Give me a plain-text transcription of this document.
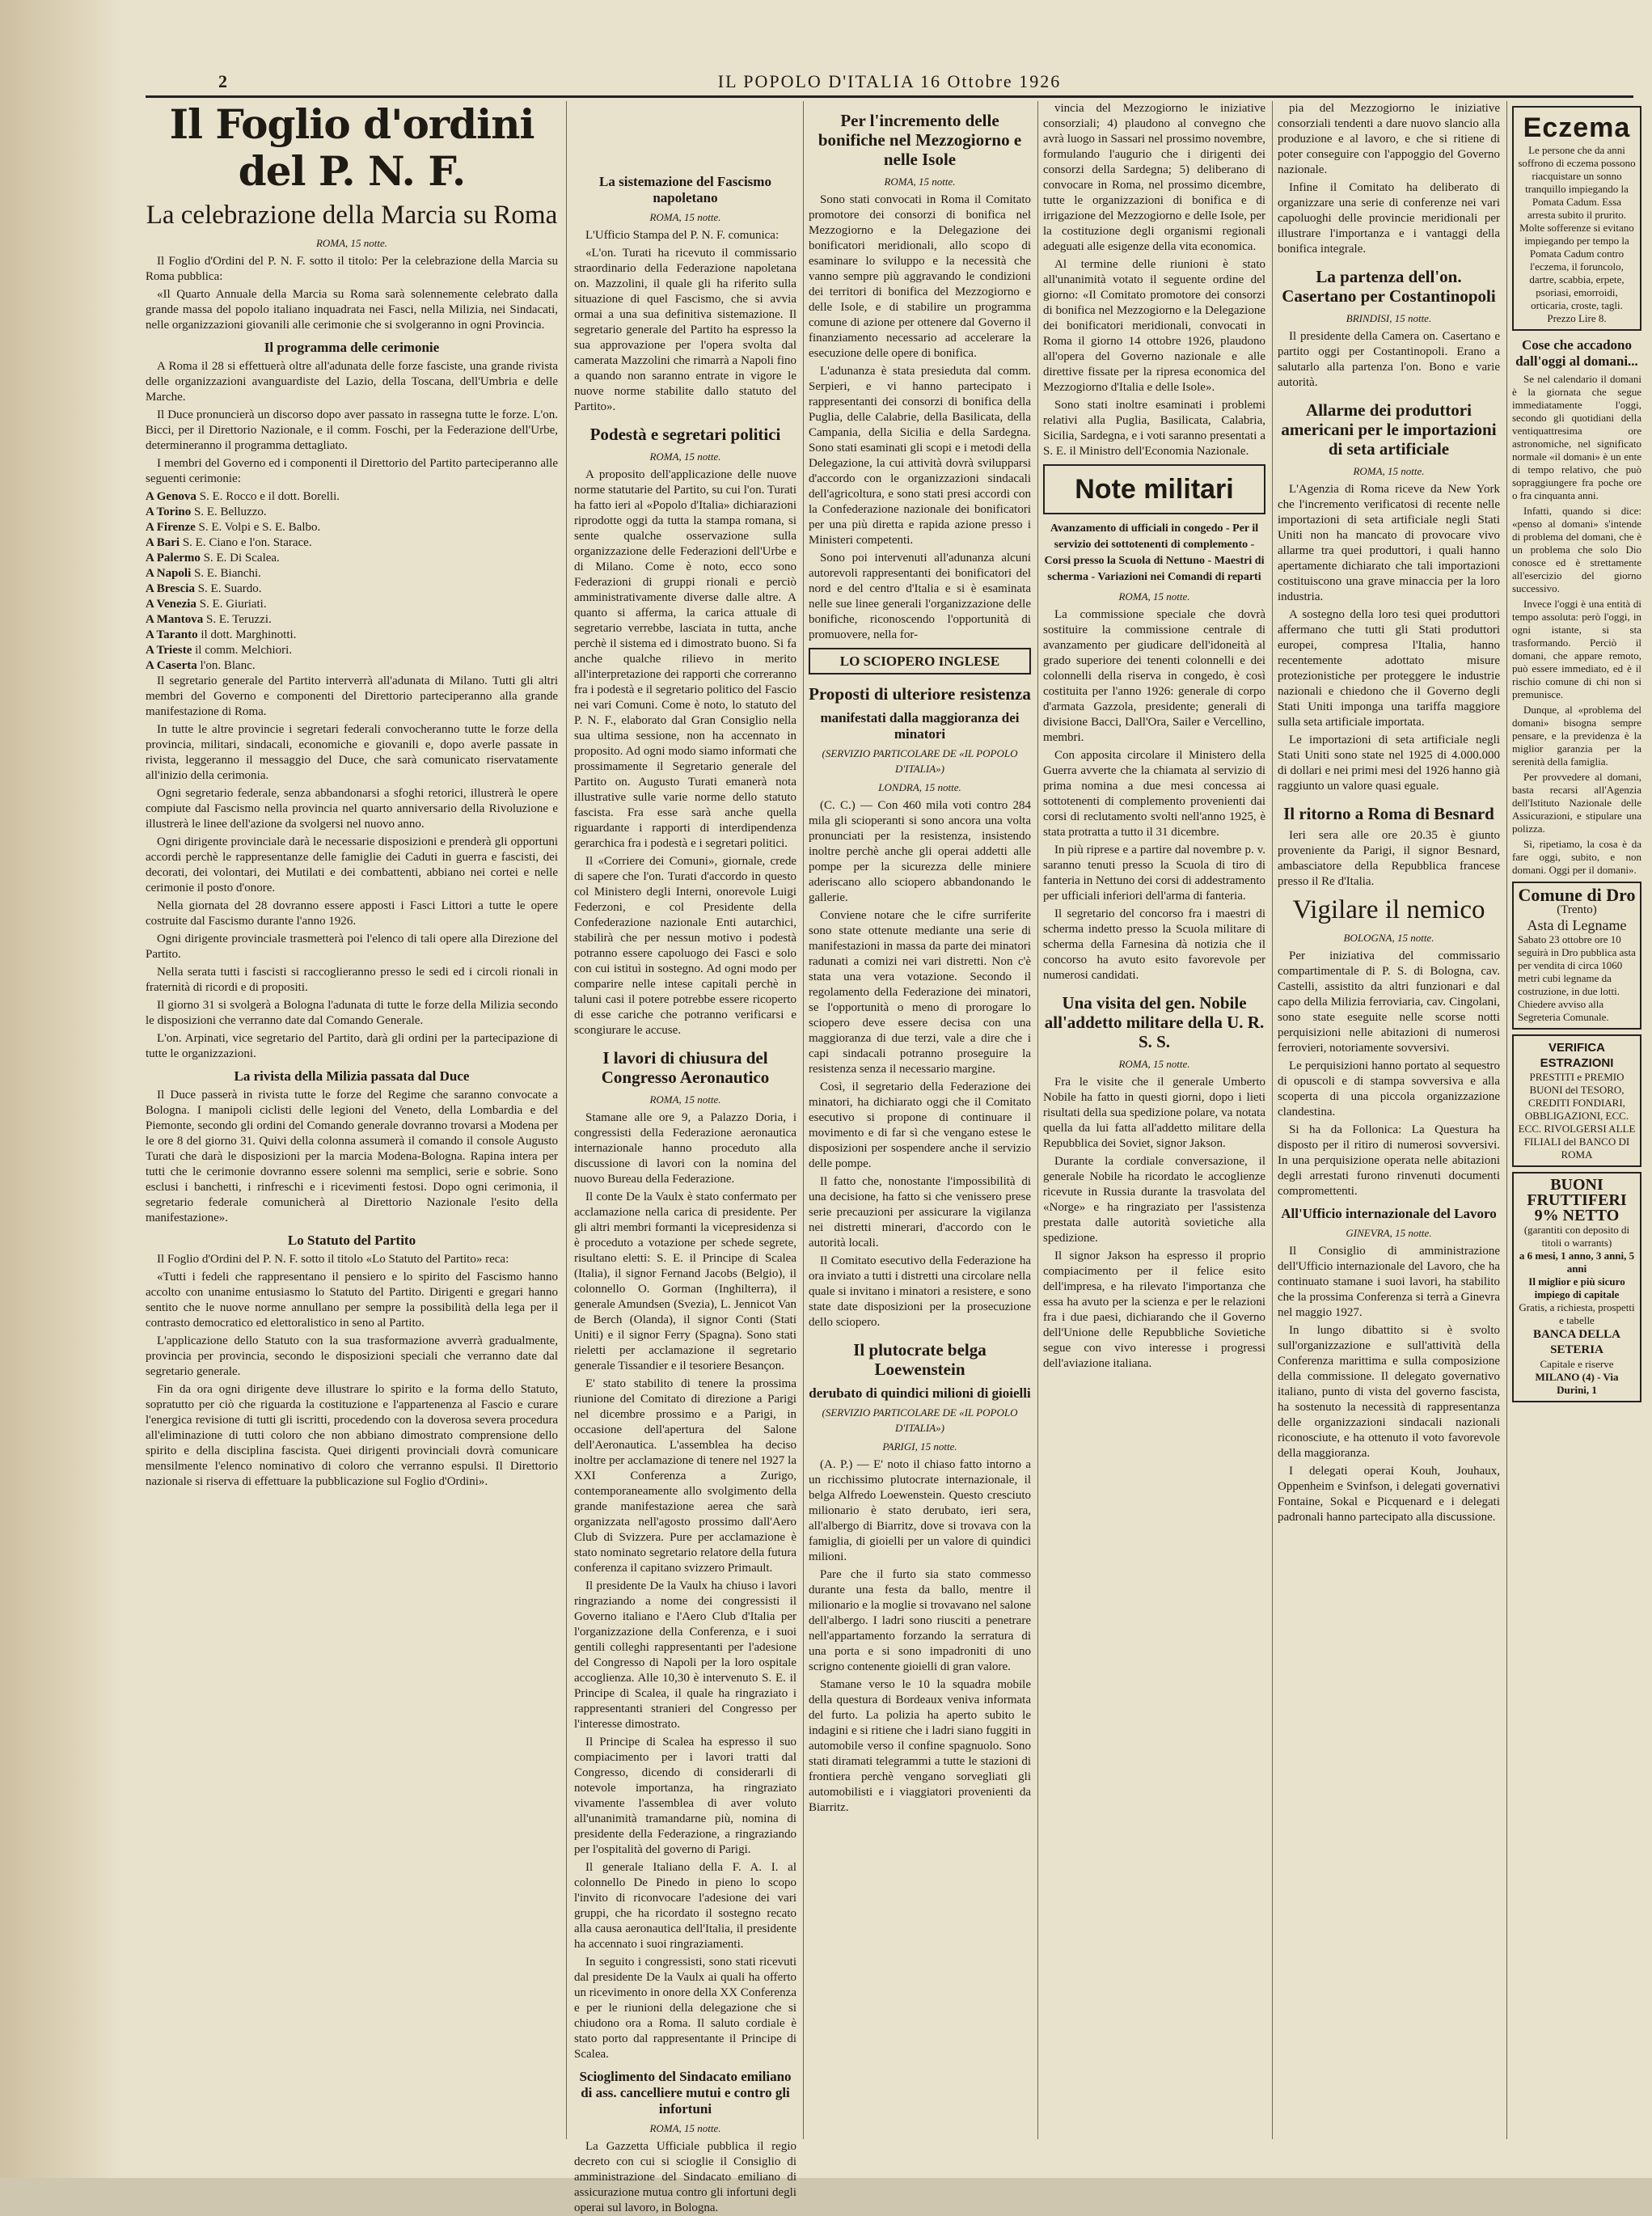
2	IL POPOLO D'ITALIA 16 Ottobre 1926
Il Foglio d'ordini del P. N. F.
La celebrazione della Marcia su Roma
ROMA, 15 notte.

Il Foglio d'Ordini del P. N. F. sotto il titolo: Per la celebrazione della Marcia su Roma pubblica:

«Il Quarto Annuale della Marcia su Roma sarà solennemente celebrato dalla grande massa del popolo italiano inquadrata nei Fasci, nella Milizia, nei Sindacati, nelle organizzazioni giovanili alle cerimonie che si svolgeranno in ogni Provincia.

Il programma delle cerimonie

A Roma il 28 si effettuerà oltre all'adunata delle forze fasciste, una grande rivista delle organizzazioni avanguardiste del Lazio, della Toscana, dell'Umbria e delle Marche.

Il Duce pronuncierà un discorso dopo aver passato in rassegna tutte le forze. L'on. Bicci, per il Direttorio Nazionale, e il comm. Foschi, per la Federazione dell'Urbe, determineranno il programma dettagliato.

I membri del Governo ed i componenti il Direttorio del Partito parteciperanno alle seguenti cerimonie:

A Genova S. E. Rocco e il dott. Borelli.
A Torino S. E. Belluzzo.
A Firenze S. E. Volpi e S. E. Balbo.
A Bari S. E. Ciano e l'on. Starace.
A Palermo S. E. Di Scalea.
A Napoli S. E. Bianchi.
A Brescia S. E. Suardo.
A Venezia S. E. Giuriati.
A Mantova S. E. Teruzzi.
A Taranto il dott. Marghinotti.
A Trieste il comm. Melchiori.
A Caserta l'on. Blanc.

Il segretario generale del Partito interverrà all'adunata di Milano. Tutti gli altri membri del Governo e componenti del Direttorio parteciperanno alla grande manifestazione di Roma.

In tutte le altre provincie i segretari federali convocheranno tutte le forze della provincia, militari, sindacali, economiche e giovanili e, dopo averle passate in rivista, leggeranno il messaggio del Duce, che sarà comunicato riservatamente all'inizio della cerimonia.

Ogni segretario federale, senza abbandonarsi a sfoghi retorici, illustrerà le opere compiute dal Fascismo nella provincia nel quarto anniversario della Rivoluzione e illustrerà le linee dell'azione da svolgersi nel nuovo anno.

Ogni dirigente provinciale darà le necessarie disposizioni e prenderà gli opportuni accordi perchè le rappresentanze delle famiglie dei Caduti in guerra e fascisti, dei decorati, dei volontari, dei Mutilati e dei combattenti, abbiano nei cortei e nelle cerimonie il posto d'onore.

Nella giornata del 28 dovranno essere apposti i Fasci Littori a tutte le opere costruite dal Fascismo durante l'anno 1926.

Ogni dirigente provinciale trasmetterà poi l'elenco di tali opere alla Direzione del Partito.

Nella serata tutti i fascisti si raccoglieranno presso le sedi ed i circoli rionali in fraternità di ricordi e di propositi.

Il giorno 31 si svolgerà a Bologna l'adunata di tutte le forze della Milizia secondo le disposizioni che verranno date dal Comando Generale.

L'on. Arpinati, vice segretario del Partito, darà gli ordini per la partecipazione di tutte le organizzazioni.

La rivista della Milizia passata dal Duce

Il Duce passerà in rivista tutte le forze del Regime che saranno convocate a Bologna. I manipoli ciclisti delle legioni del Veneto, della Lombardia e del Piemonte, secondo gli ordini del Comando generale dovranno trovarsi a Modena per le ore 8 del giorno 31. Quivi della colonna assumerà il comando il console Augusto Turati che darà le disposizioni per la marcia Modena-Bologna. Rapina intera per tutti che le cerimonie dovranno essere solenni ma semplici, serie e sobrie. Sono esclusi i banchetti, i rinfreschi e i ricevimenti festosi. Dopo ogni cerimonia, il segretario federale comunicherà al Direttorio Nazionale l'esito della manifestazione».

Lo Statuto del Partito

Il Foglio d'Ordini del P. N. F. sotto il titolo «Lo Statuto del Partito» reca:

«Tutti i fedeli che rappresentano il pensiero e lo spirito del Fascismo hanno accolto con unanime entusiasmo lo Statuto del Partito. Dirigenti e gregari hanno sentito che le nuove norme annullano per sempre la possibilità della lega per il contrasto democratico ed elettoralistico in seno al Partito.

L'applicazione dello Statuto con la sua trasformazione avverrà gradualmente, provincia per provincia, secondo le disposizioni speciali che verranno date dal segretario generale.

Fin da ora ogni dirigente deve illustrare lo spirito e la forma dello Statuto, sopratutto per ciò che riguarda la costituzione e l'appartenenza al Fascio e curare l'energica revisione di tutti gli iscritti, procedendo con la doverosa severa procedura all'eliminazione di tutti coloro che non abbiano dimostrato comprensione dello spirito e della disciplina fascista. Quei dirigenti provinciali dovrà comunicare mensilmente l'elenco nominativo di coloro che verranno espulsi. Il Direttorio nazionale si riserva di effettuare la pubblicazione sul Foglio d'Ordini».

La sistemazione del Fascismo napoletano
ROMA, 15 notte.

L'Ufficio Stampa del P. N. F. comunica:

«L'on. Turati ha ricevuto il commissario straordinario della Federazione napoletana on. Mazzolini, il quale gli ha riferito sulla situazione di quel Fascismo, che si avvia ormai a una sua definitiva sistemazione. Il segretario generale del Partito ha espresso la sua approvazione per l'opera svolta dal camerata Mazzolini che rimarrà a Napoli fino a quando non saranno entrate in vigore le nuove norme stabilite dallo statuto del Partito».

Podestà e segretari politici
ROMA, 15 notte.

A proposito dell'applicazione delle nuove norme statutarie del Partito, su cui l'on. Turati ha fatto ieri al «Popolo d'Italia» dichiarazioni riprodotte oggi da tutta la stampa romana, si sente qualche osservazione sulla organizzazione delle Federazioni dell'Urbe e di Milano. Come è noto, ecco sono Federazioni di gruppi rionali e perciò amministrativamente diverse dalle altre. A quanto si afferma, la carica attuale di segretario verrebbe, lasciata in tutta, anche perchè il sistema ed i dimostrato buono. Si fa anche qualche rilievo in merito all'interpretazione dei rapporti che correranno fra i podestà e il segretario politico del Fascio nei vari Comuni. Come è noto, lo statuto del P. N. F., elaborato dal Gran Consiglio nella sua ultima sessione, non ha accennato in proposito. Ad ogni modo siamo informati che prossimamente il Segretario generale del Partito on. Augusto Turati emanerà nota illustrative sulle varie norme dello statuto fascista. Fra esse sarà anche quella riguardante i rapporti di interdipendenza gerarchica fra i podestà e i segretari politici.

Il «Corriere dei Comuni», giornale, crede di sapere che l'on. Turati d'accordo in questo col Ministero degli Interni, onorevole Luigi Federzoni, e col Presidente della Confederazione nazionale Enti autarchici, stabilirà che per nessun motivo i podestà potranno essere capoluogo dei Fasci e solo con cui istituì in sostegno. Ad ogni modo per comparire nelle intese capitali perchè in taluni casi il potere potrebbe essere ricoperto di esse cariche che potranno verificarsi e scongiurare le accuse.

I lavori di chiusura del Congresso Aeronautico
ROMA, 15 notte.

Stamane alle ore 9, a Palazzo Doria, i congressisti della Federazione aeronautica internazionale hanno proceduto alla discussione di lavori con la nomina del nuovo Bureau della Federazione.

Il conte De la Vaulx è stato confermato per acclamazione nella carica di presidente. Per gli altri membri formanti la vicepresidenza si è proceduto a votazione per schede segrete, risultano eletti: S. E. il Principe di Scalea (Italia), il signor Fernand Jacobs (Belgio), il colonnello O. Gorman (Inghilterra), il generale Amundsen (Svezia), L. Jennicot Van de Berch (Olanda), il signor Conti (Stati Uniti) e il signor Ferry (Spagna). Sono stati rieletti per acclamazione il segretario generale Tissandier e il tesoriere Besançon.

E' stato stabilito di tenere la prossima riunione del Comitato di direzione a Parigi nel dicembre prossimo e a Parigi, in occasione dell'apertura del Salone dell'Aeronautica. L'assemblea ha deciso inoltre per acclamazione di tenere nel 1927 la XXI Conferenza a Zurigo, contemporaneamente allo svolgimento della grande manifestazione aerea che sarà organizzata nell'agosto prossimo dall'Aero Club di Svizzera. Pure per acclamazione è stato nominato segretario relatore della futura conferenza il capitano svizzero Primault.

Il presidente De la Vaulx ha chiuso i lavori ringraziando a nome dei congressisti il Governo italiano e l'Aero Club d'Italia per l'organizzazione della Conferenza, e i suoi gentili colleghi rappresentanti per l'adesione del Congresso di Napoli per la loro ospitale accoglienza. Alle 10,30 è intervenuto S. E. il Principe di Scalea, il quale ha ringraziato i rappresentanti stranieri del Congresso per l'interesse dimostrato.

Il Principe di Scalea ha espresso il suo compiacimento per i lavori tratti dal Congresso, dicendo di considerarli di notevole importanza, ha ringraziato vivamente l'assemblea di aver voluto all'unanimità tramandarne più, nomina di presidente della Federazione, a ringraziando per l'ospitalità del governo di Parigi.

Il generale Italiano della F. A. I. al colonnello De Pinedo in pieno lo scopo l'invito di riconvocare l'adesione dei vari gruppi, che ha ricordato il sostegno recato alla causa aeronautica dell'Italia, il presidente ha accennato i suoi ringraziamenti.

In seguito i congressisti, sono stati ricevuti dal presidente De la Vaulx ai quali ha offerto un ricevimento in onore della XX Conferenza e per le riunioni della delegazione che si chiudono ora a Roma. Il saluto cordiale è stato porto dal rappresentante il Principe di Scalea.

Scioglimento del Sindacato emiliano di ass. cancelliere mutui e contro gli infortuni
ROMA, 15 notte.

La Gazzetta Ufficiale pubblica il regio decreto con cui si scioglie il Consiglio di amministrazione del Sindacato emiliano di assicurazione mutua contro gli infortuni degli operai sul lavoro, in Bologna.

Per l'incremento delle bonifiche nel Mezzogiorno e nelle Isole
ROMA, 15 notte.

Sono stati convocati in Roma il Comitato promotore dei consorzi di bonifica nel Mezzogiorno e la Delegazione dei bonificatori meridionali, allo scopo di esaminare lo sviluppo e la necessità che vanno sempre più aggravando le condizioni dei territori di bonifica del Mezzogiorno e delle Isole, e di stabilire un programma comune di azione per ottenere dal Governo il finanziamento necessario ad accelerare la esecuzione delle opere di bonifica.

L'adunanza è stata presieduta dal comm. Serpieri, e vi hanno partecipato i rappresentanti dei consorzi di bonifica della Puglia, delle Calabrie, della Basilicata, della Campania, della Sicilia e della Sardegna. Sono stati esaminati gli scopi e i metodi della Delegazione, la cui attività dovrà svilupparsi d'accordo con le organizzazioni sindacali dell'agricoltura, e sono stati presi accordi con la Confederazione nazionale dei bonificatori per una più diretta e rapida azione presso i Ministeri competenti.

Sono poi intervenuti all'adunanza alcuni autorevoli rappresentanti dei bonificatori del nord e del centro d'Italia e si è esaminata nelle sue linee generali l'organizzazione delle bonifiche, riconoscendo l'opportunità di promuovere, nella for-

LO SCIOPERO INGLESE
Proposti di ulteriore resistenza
manifestati dalla maggioranza dei minatori
(SERVIZIO PARTICOLARE DE «IL POPOLO D'ITALIA»)
LONDRA, 15 notte.

(C. C.) — Con 460 mila voti contro 284 mila gli scioperanti si sono ancora una volta pronunciati per la resistenza, insistendo inoltre perchè anche gli operai addetti alle pompe per la sicurezza delle miniere aderiscano allo sciopero abbandonando le gallerie.

Conviene notare che le cifre surriferite sono state ottenute mediante una serie di manifestazioni in massa da parte dei minatori radunati a comizi nei vari distretti. Non c'è stata una vera votazione. Secondo il regolamento della Federazione dei minatori, se l'opportunità o meno di prorogare lo sciopero deve essere decisa con una maggioranza di due terzi, vale a dire che i capi sindacali potranno proseguire la resistenza senza il necessario margine.

Così, il segretario della Federazione dei minatori, ha dichiarato oggi che il Comitato esecutivo si propone di continuare il movimento e di far sì che vengano estese le disposizioni per sospendere anche il servizio delle pompe.

Il fatto che, nonostante l'impossibilità di una decisione, ha fatto si che venissero prese serie precauzioni per assicurare la vigilanza nei distretti minerari, d'accordo con le autorità locali.

Il Comitato esecutivo della Federazione ha ora inviato a tutti i distretti una circolare nella quale si invitano i minatori a resistere, e sono state date disposizioni per la prosecuzione dello sciopero.

Il plutocrate belga Loewenstein
derubato di quindici milioni di gioielli
(SERVIZIO PARTICOLARE DE «IL POPOLO D'ITALIA»)
PARIGI, 15 notte.

(A. P.) — E' noto il chiaso fatto intorno a un ricchissimo plutocrate internazionale, il belga Alfredo Loewenstein. Questo cresciuto milionario è stato derubato, ieri sera, all'albergo di Biarritz, dove si trovava con la famiglia, di gioielli per un valore di quindici milioni.

Pare che il furto sia stato commesso durante una festa da ballo, mentre il milionario e la moglie si trovavano nel salone dell'albergo. I ladri sono riusciti a penetrare nell'appartamento forzando la serratura di una porta e si sono impadroniti di uno scrigno contenente gioielli di gran valore.

Stamane verso le 10 la squadra mobile della questura di Bordeaux veniva informata del furto. La polizia ha aperto subito le indagini e si ritiene che i ladri siano fuggiti in automobile verso il confine spagnuolo. Sono stati diramati telegrammi a tutte le stazioni di frontiera perchè vengano sorvegliati gli automobilisti e i viaggiatori provenienti da Biarritz.

vincia del Mezzogiorno le iniziative consorziali; 4) plaudono al convegno che avrà luogo in Sassari nel prossimo novembre, formulando l'augurio che i dirigenti dei consorzi della Sardegna; 5) deliberano di convocare in Roma, nel prossimo dicembre, tutte le organizzazioni di bonifica e di irrigazione del Mezzogiorno e delle Isole, per la costituzione degli organismi regionali adeguati alle esigenze della vita economica.

Al termine delle riunioni è stato all'unanimità votato il seguente ordine del giorno: «Il Comitato promotore dei consorzi di bonifica nel Mezzogiorno e la Delegazione dei bonificatori meridionali, convocati in Roma il giorno 14 ottobre 1926, plaudono all'opera del Governo nazionale e alle direttive fissate per la ripresa economica del Mezzogiorno d'Italia e delle Isole».

Sono stati inoltre esaminati i problemi relativi alla Puglia, Basilicata, Calabria, Sicilia, Sardegna, e i voti saranno presentati a S. E. il Ministro dell'Economia Nazionale.

Note militari
Avanzamento di ufficiali in congedo - Per il servizio dei sottotenenti di complemento - Corsi presso la Scuola di Nettuno - Maestri di scherma - Variazioni nei Comandi di reparti
ROMA, 15 notte.

La commissione speciale che dovrà sostituire la commissione centrale di avanzamento per giudicare dell'idoneità al grado superiore dei tenenti colonnelli e dei colonnelli della riserva in congedo, è così costituita per l'anno 1926: generale di corpo d'armata Gazzola, presidente; generali di divisione Bacci, Dall'Ora, Sailer e Vercellino, membri.

Con apposita circolare il Ministero della Guerra avverte che la chiamata al servizio di prima nomina a due mesi concessa ai sottotenenti di complemento provenienti dai corsi di reclutamento svolti nell'anno 1925, è stata protratta a tutto il 31 dicembre.

In più riprese e a partire dal novembre p. v. saranno tenuti presso la Scuola di tiro di fanteria in Nettuno dei corsi di addestramento per ufficiali inferiori dell'arma di fanteria.

Il segretario del concorso fra i maestri di scherma indetto presso la Scuola militare di scherma della Farnesina dà notizia che il concorso ha avuto esito favorevole per numerosi candidati.

Una visita del gen. Nobile all'addetto militare della U. R. S. S.
ROMA, 15 notte.

Fra le visite che il generale Umberto Nobile ha fatto in questi giorni, dopo i lieti risultati della sua spedizione polare, va notata quella da lui fatta all'addetto militare della Repubblica dei Soviet, signor Jakson.

Durante la cordiale conversazione, il generale Nobile ha ricordato le accoglienze ricevute in Russia durante la trasvolata del «Norge» e ha ringraziato per l'assistenza prestata dalle autorità sovietiche alla spedizione.

Il signor Jakson ha espresso il proprio compiacimento per il felice esito dell'impresa, e ha rilevato l'importanza che essa ha avuto per la scienza e per le relazioni fra i due paesi, dichiarando che il Governo dell'Unione delle Repubbliche Sovietiche segue con vivo interesse i progressi dell'aviazione italiana.

pia del Mezzogiorno le iniziative consorziali tendenti a dare nuovo slancio alla produzione e al lavoro, e che si ritiene di poter conseguire con l'appoggio del Governo nazionale.

Infine il Comitato ha deliberato di organizzare una serie di conferenze nei vari capoluoghi delle provincie meridionali per illustrare l'importanza e i vantaggi della bonifica integrale.

La partenza dell'on. Casertano per Costantinopoli
BRINDISI, 15 notte.

Il presidente della Camera on. Casertano e partito oggi per Costantinopoli. Erano a salutarlo alla partenza l'on. Bono e varie autorità.

Allarme dei produttori americani per le importazioni di seta artificiale
ROMA, 15 notte.

L'Agenzia di Roma riceve da New York che l'incremento verificatosi di recente nelle importazioni di seta artificiale negli Stati Uniti non ha mancato di provocare vivo allarme tra quei produttori, i quali hanno apertamente dichiarato che tali importazioni costituiscono una grave minaccia per la loro industria.

A sostegno della loro tesi quei produttori affermano che tutti gli Stati produttori europei, compresa l'Italia, hanno recentemente adottato misure protezionistiche per proteggere le industrie nazionali e chiedono che il Governo degli Stati Uniti imponga una tariffa maggiore sulla seta artificiale importata.

Le importazioni di seta artificiale negli Stati Uniti sono state nel 1925 di 4.000.000 di dollari e nei primi mesi del 1926 hanno già raggiunto un valore quasi eguale.

Il ritorno a Roma di Besnard

Ieri sera alle ore 20.35 è giunto proveniente da Parigi, il signor Besnard, ambasciatore della Repubblica francese presso il Re d'Italia.

Vigilare il nemico
BOLOGNA, 15 notte.

Per iniziativa del commissario compartimentale di P. S. di Bologna, cav. Castelli, assistito da altri funzionari e dal capo della Milizia ferroviaria, cav. Cingolani, sono state eseguite nelle scorse notti perquisizioni nelle abitazioni di numerosi ferrovieri, notoriamente sovversivi.

Le perquisizioni hanno portato al sequestro di opuscoli e di stampa sovversiva e alla scoperta di una piccola organizzazione clandestina.

Si ha da Follonica: La Questura ha disposto per il ritiro di numerosi sovversivi. In una perquisizione operata nelle abitazioni degli arrestati furono rinvenuti documenti compromettenti.

All'Ufficio internazionale del Lavoro
GINEVRA, 15 notte.

Il Consiglio di amministrazione dell'Ufficio internazionale del Lavoro, che ha continuato stamane i suoi lavori, ha stabilito che la prossima Conferenza si terrà a Ginevra nel maggio 1927.

In lungo dibattito si è svolto sull'organizzazione e sull'attività della Conferenza marittima e sulla composizione della commissione. Il delegato governativo italiano, punto di vista del governo fascista, ha sostenuto la necessità di rappresentanza delle organizzazioni sindacali nazionali riconosciute, e ha ottenuto il voto favorevole della maggioranza.

I delegati operai Kouh, Jouhaux, Oppenheim e Svinfson, i delegati governativi Fontaine, Sokal e Picquenard e i delegati padronali hanno partecipato alla discussione.

Eczema
Le persone che da anni soffrono di eczema possono riacquistare un sonno tranquillo impiegando la Pomata Cadum. Essa arresta subito il prurito. Molte sofferenze si evitano impiegando per tempo la Pomata Cadum contro l'eczema, il foruncolo, dartre, scabbia, erpete, psoriasi, emorroidi, orticaria, croste, tagli. Prezzo Lire 8.
Cose che accadono dall'oggi al domani...

Se nel calendario il domani è la giornata che segue immediatamente l'oggi, secondo gli quotidiani della ventiquattresima ore astronomiche, nel significato normale «il domani» è un ente di tempo relativo, che può sopraggiungere fra poche ore o fra cinquanta anni.

Infatti, quando si dice: «penso al domani» s'intende di problema del domani, che è un problema che solo Dio conosce ed è strettamente all'esercizio del giorno successivo.

Invece l'oggi è una entità di tempo assoluta: però l'oggi, in ogni istante, si sta trasformando. Perciò il domani, che appare remoto, può essere immediato, ed è il rischio comune di chi non si premunisce.

Dunque, al «problema del domani» bisogna sempre pensare, e la previdenza è la miglior garanzia per la serenità della famiglia.

Per provvedere al domani, basta recarsi all'Agenzia dell'Istituto Nazionale delle Assicurazioni, e stipulare una polizza.

Sì, ripetiamo, la cosa è da fare oggi, subito, e non domani. Oggi per il domani».

Comune di Dro
(Trento)
Asta di Legname
Sabato 23 ottobre ore 10 seguirà in Dro pubblica asta per vendita di circa 1060 metri cubi legname da costruzione, in due lotti. Chiedere avviso alla Segreteria Comunale.
VERIFICA ESTRAZIONI
PRESTITI e PREMIO BUONI del TESORO, CREDITI FONDIARI, OBBLIGAZIONI, ECC. ECC. RIVOLGERSI ALLE FILIALI del BANCO DI ROMA
BUONI FRUTTIFERI 9% NETTO
(garantiti con deposito di titoli o warrants)
a 6 mesi, 1 anno, 3 anni, 5 anni
Il miglior e più sicuro impiego di capitale
Gratis, a richiesta, prospetti e tabelle
BANCA DELLA SETERIA
Capitale e riserve
MILANO (4) - Via Durini, 1
